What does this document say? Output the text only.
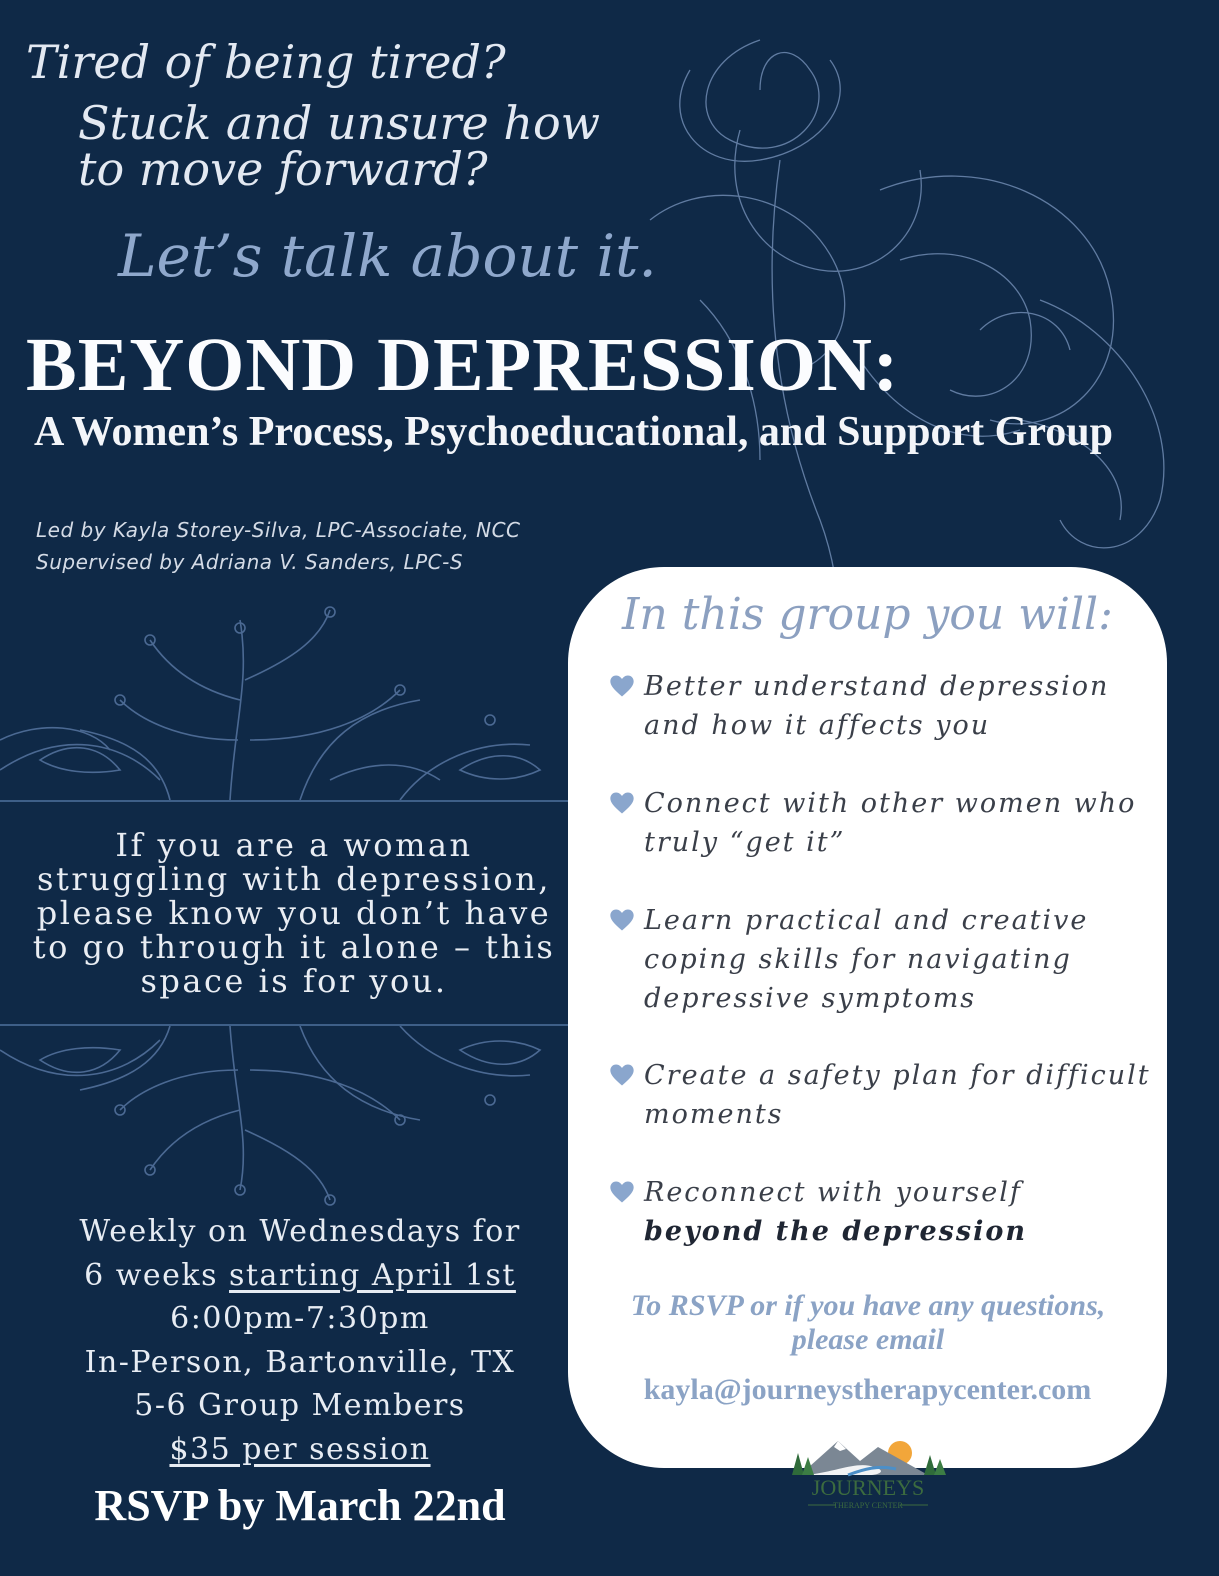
Tired of being tired?
Stuck and unsure how to move forward?
Let’s talk about it.
BEYOND DEPRESSION:
A Women’s Process, Psychoeducational, and Support Group
Led by Kayla Storey-Silva, LPC-Associate, NCC
Supervised by Adriana V. Sanders, LPC-S
If you are a woman struggling with depression, please know you don’t have to go through it alone – this space is for you.
Weekly on Wednesdays for
6 weeks starting April 1st
6:00pm-7:30pm
In-Person, Bartonville, TX
5-6 Group Members
$35 per session
RSVP by March 22nd
In this group you will:
Better understand depression and how it affects you
Connect with other women who truly “get it”
Learn practical and creative coping skills for navigating depressive symptoms
Create a safety plan for difficult moments
Reconnect with yourself
beyond the depression
To RSVP or if you have any questions, please email
kayla@journeystherapycenter.com
JOURNEYS
THERAPY CENTER
